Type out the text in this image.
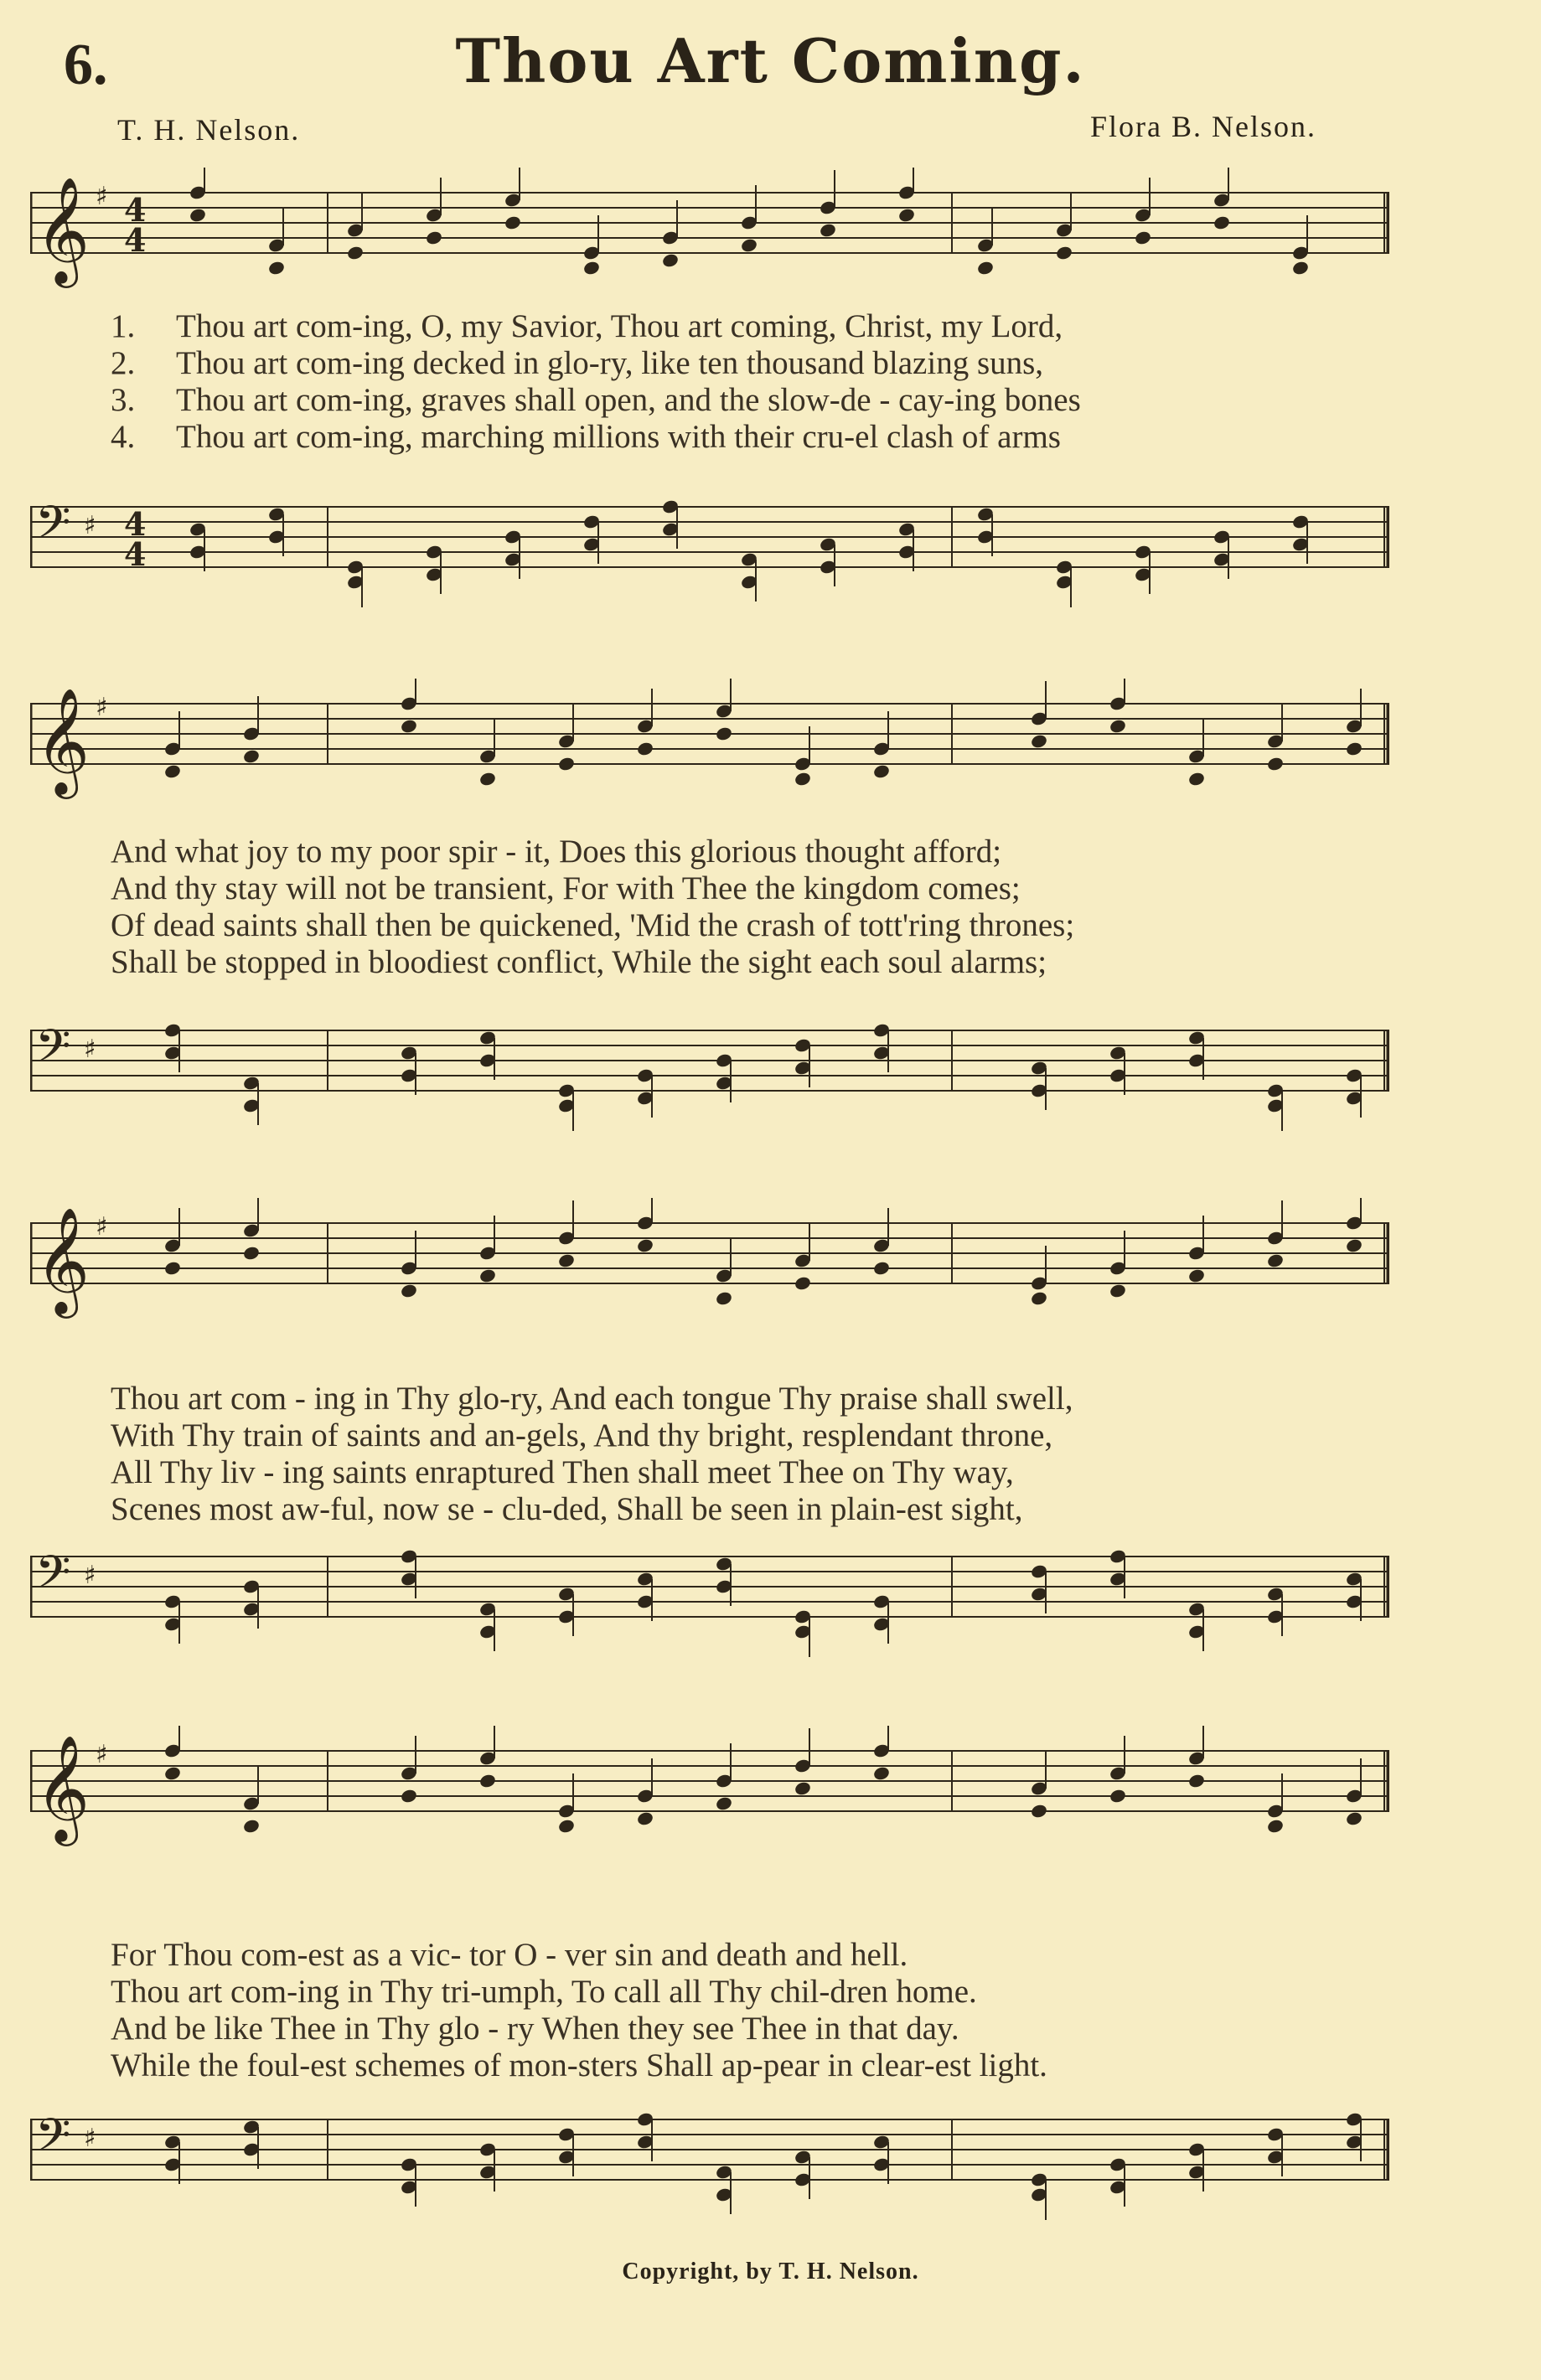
6.	Thou Art Coming.
T. H. Nelson.	Flora B. Nelson.
𝄞 ♯ 4
4
𝄢 ♯ 4
4
1. Thou art com-ing, O, my Savior, Thou art coming, Christ, my Lord,
2. Thou art com-ing decked in glo-ry, like ten thousand blazing suns,
3. Thou art com-ing, graves shall open, and the slow-de - cay-ing bones
4. Thou art com-ing, marching millions with their cru-el clash of arms
𝄞 ♯
𝄢 ♯
And what joy to my poor spir - it, Does this glorious thought afford;
And thy stay will not be transient, For with Thee the kingdom comes;
Of dead saints shall then be quickened, 'Mid the crash of tott'ring thrones;
Shall be stopped in bloodiest conflict, While the sight each soul alarms;
𝄞 ♯
𝄢 ♯
Thou art com - ing in Thy glo-ry, And each tongue Thy praise shall swell,
With Thy train of saints and an-gels, And thy bright, resplendant throne,
All Thy liv - ing saints enraptured Then shall meet Thee on Thy way,
Scenes most aw-ful, now se - clu-ded, Shall be seen in plain-est sight,
𝄞 ♯
𝄢 ♯
For Thou com-est as a vic- tor O - ver sin and death and hell.
Thou art com-ing in Thy tri-umph, To call all Thy chil-dren home.
And be like Thee in Thy glo - ry When they see Thee in that day.
While the foul-est schemes of mon-sters Shall ap-pear in clear-est light.
Copyright, by T. H. Nelson.
